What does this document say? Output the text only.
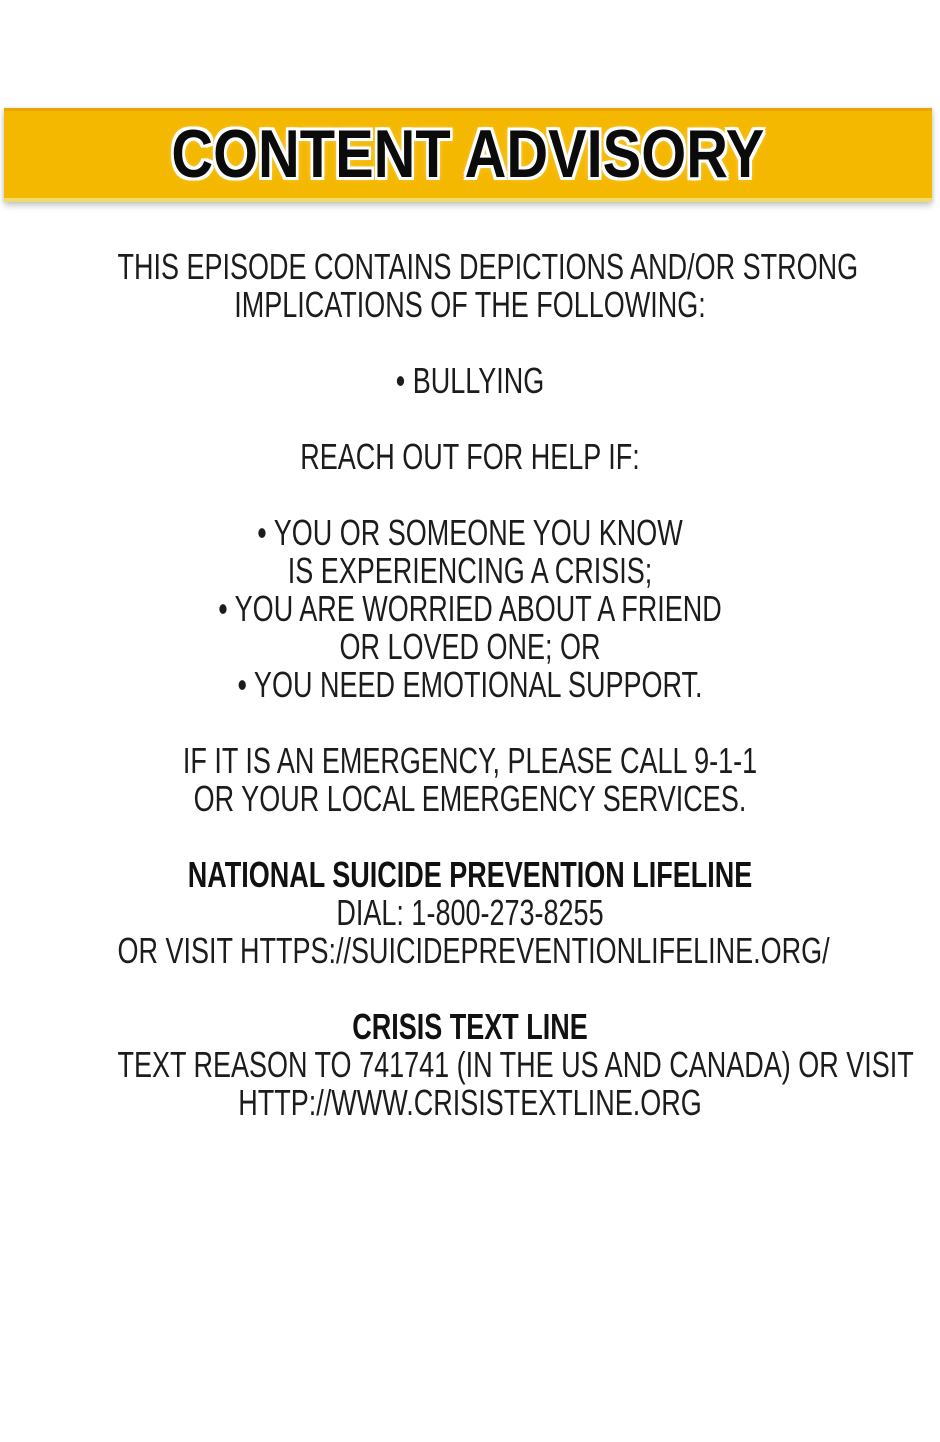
CONTENT ADVISORY

THIS EPISODE CONTAINS DEPICTIONS AND/OR STRONG
IMPLICATIONS OF THE FOLLOWING:

• BULLYING

REACH OUT FOR HELP IF:

• YOU OR SOMEONE YOU KNOW
IS EXPERIENCING A CRISIS;
• YOU ARE WORRIED ABOUT A FRIEND
OR LOVED ONE; OR
• YOU NEED EMOTIONAL SUPPORT.

IF IT IS AN EMERGENCY, PLEASE CALL 9-1-1
OR YOUR LOCAL EMERGENCY SERVICES.

NATIONAL SUICIDE PREVENTION LIFELINE
DIAL: 1-800-273-8255
OR VISIT HTTPS://SUICIDEPREVENTIONLIFELINE.ORG/

CRISIS TEXT LINE
TEXT REASON TO 741741 (IN THE US AND CANADA) OR VISIT
HTTP://WWW.CRISISTEXTLINE.ORG
